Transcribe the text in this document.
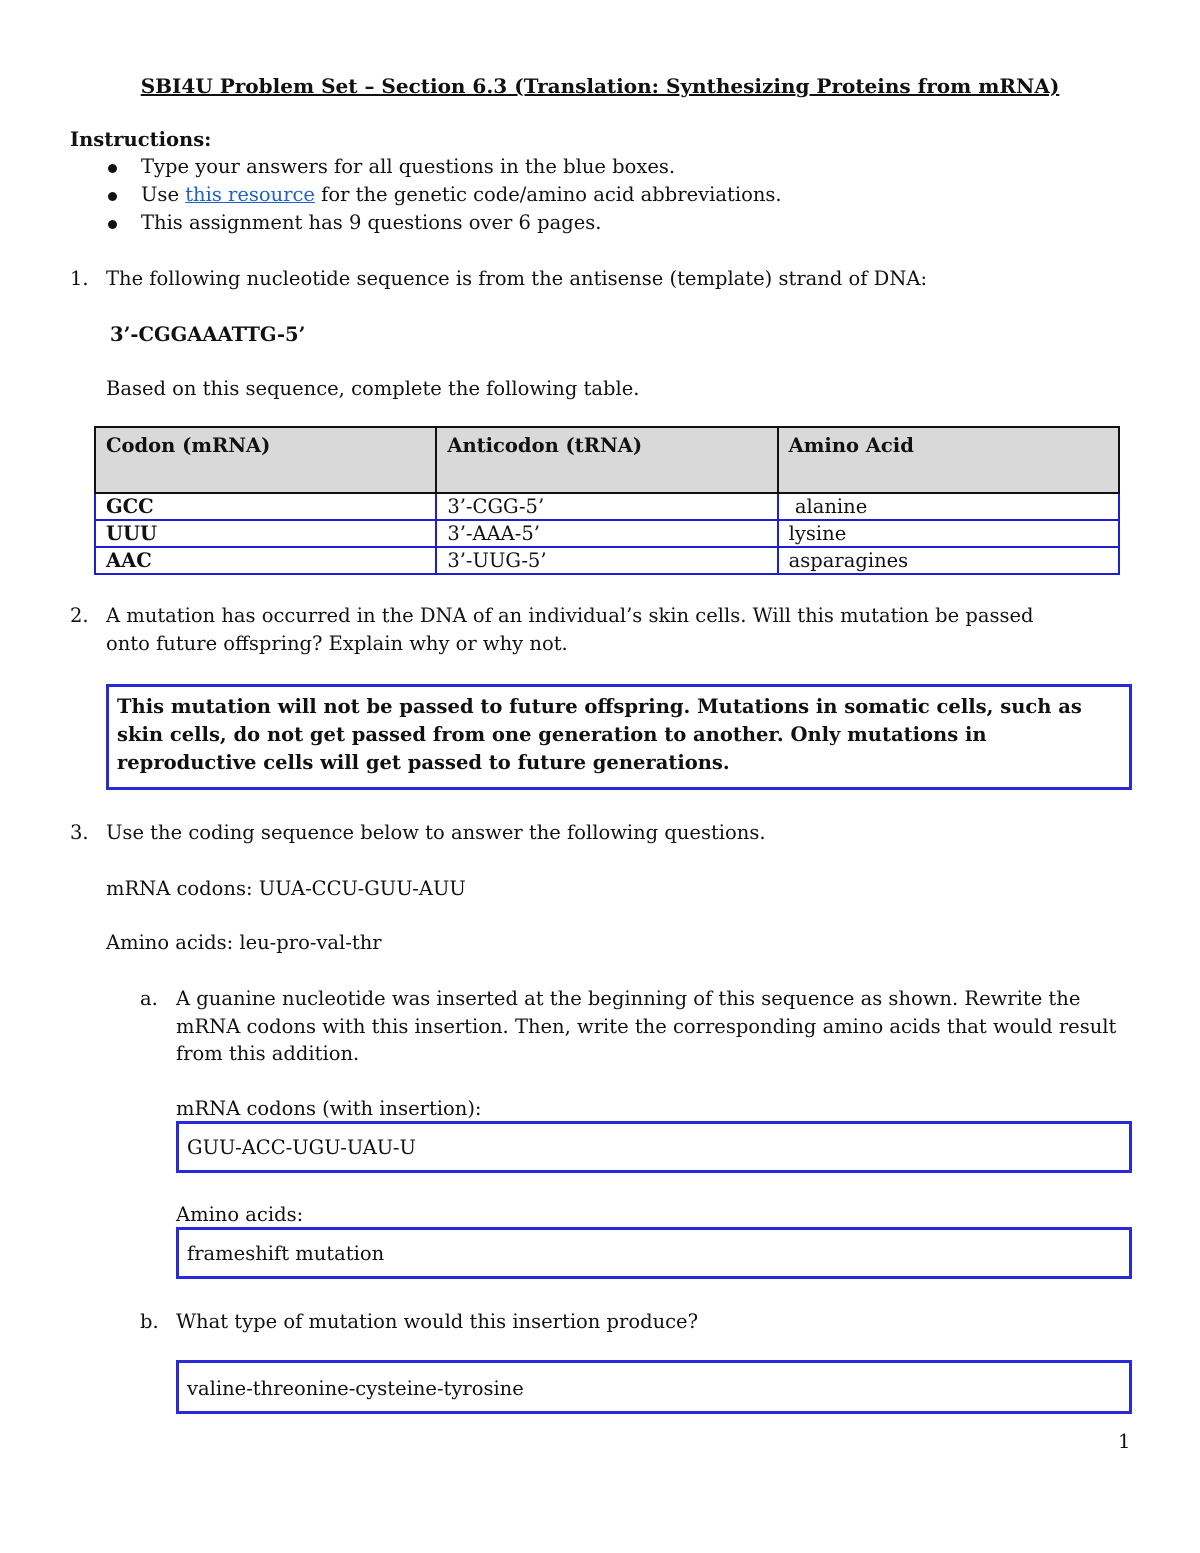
SBI4U Problem Set – Section 6.3 (Translation: Synthesizing Proteins from mRNA)
Instructions:
Type your answers for all questions in the blue boxes.
Use this resource for the genetic code/amino acid abbreviations.
This assignment has 9 questions over 6 pages.
1. The following nucleotide sequence is from the antisense (template) strand of DNA:
3’-CGGAAATTG-5’
Based on this sequence, complete the following table.
Codon (mRNA)	Anticodon (tRNA)	Amino Acid
GCC	3’-CGG-5’	alanine
UUU	3’-AAA-5’	lysine
AAC	3’-UUG-5’	asparagines
2. A mutation has occurred in the DNA of an individual’s skin cells. Will this mutation be passed
onto future offspring? Explain why or why not.
This mutation will not be passed to future offspring. Mutations in somatic cells, such as skin cells, do not get passed from one generation to another. Only mutations in reproductive cells will get passed to future generations.
3. Use the coding sequence below to answer the following questions.
mRNA codons: UUA-CCU-GUU-AUU
Amino acids: leu-pro-val-thr
a. A guanine nucleotide was inserted at the beginning of this sequence as shown. Rewrite the
mRNA codons with this insertion. Then, write the corresponding amino acids that would result
from this addition.
mRNA codons (with insertion):
GUU-ACC-UGU-UAU-U
Amino acids:
frameshift mutation
b. What type of mutation would this insertion produce?
valine-threonine-cysteine-tyrosine
1
